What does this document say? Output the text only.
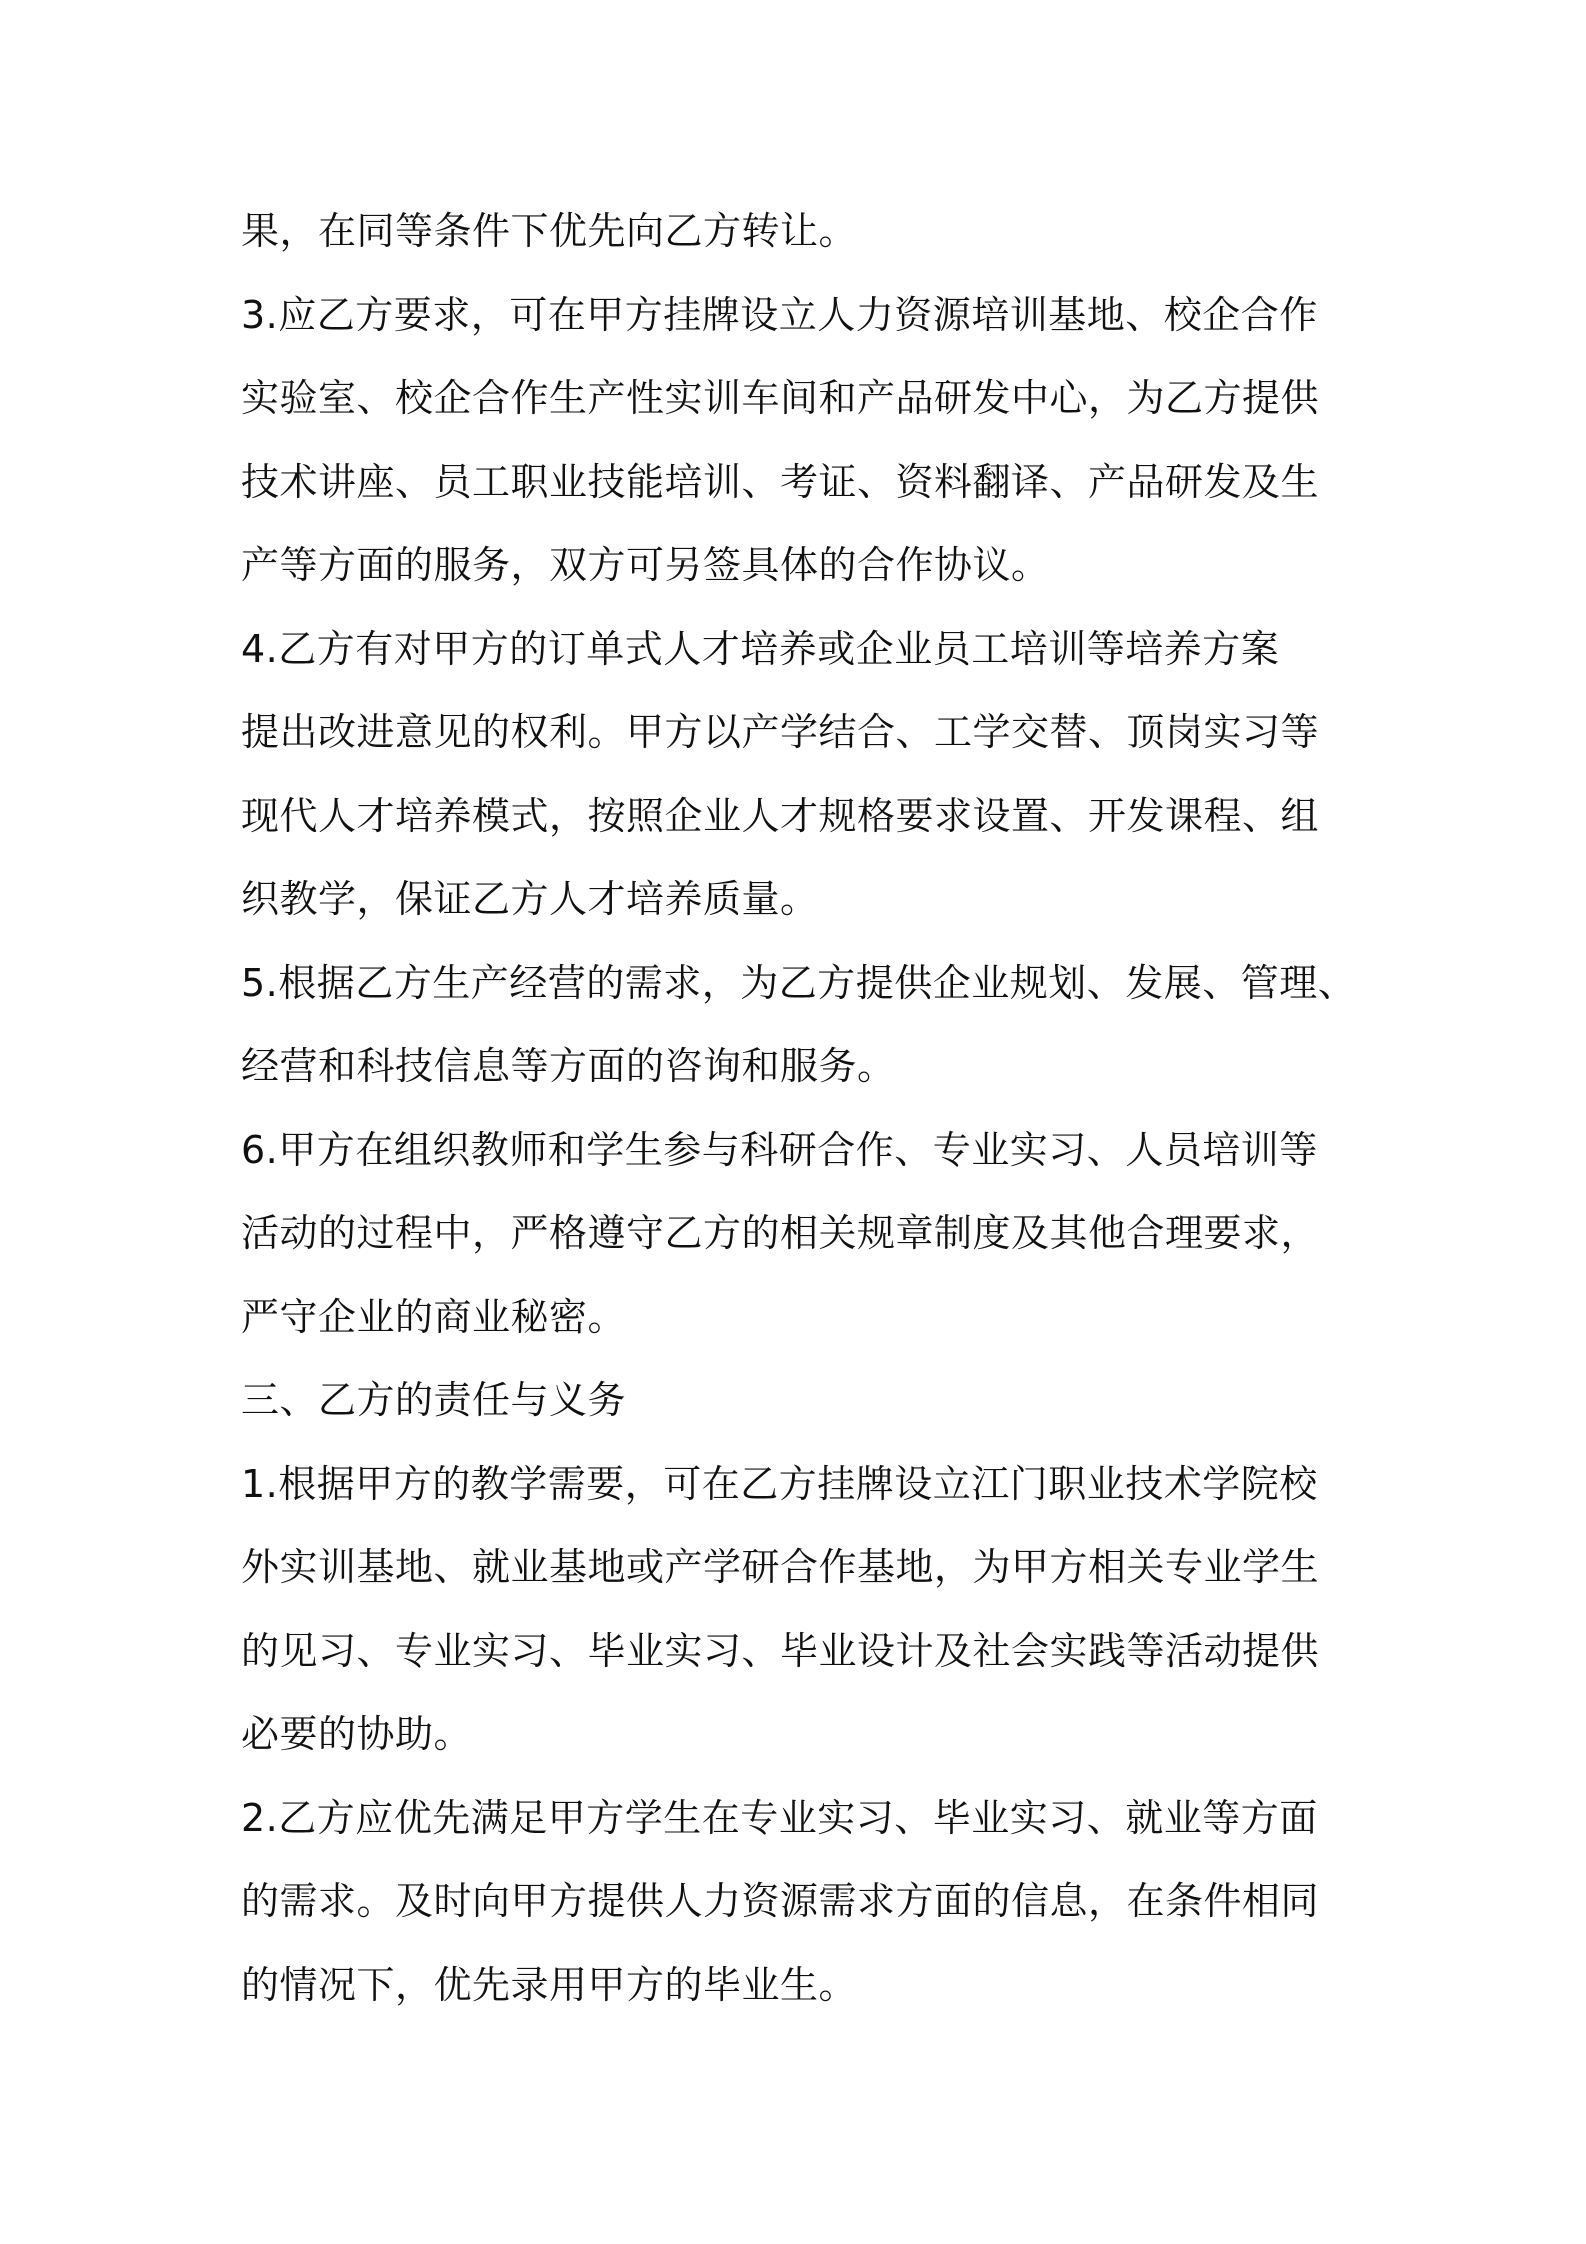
果，在同等条件下优先向乙方转让。
3.应乙方要求，可在甲方挂牌设立人力资源培训基地、校企合作
实验室、校企合作生产性实训车间和产品研发中心，为乙方提供
技术讲座、员工职业技能培训、考证、资料翻译、产品研发及生
产等方面的服务，双方可另签具体的合作协议。
4.乙方有对甲方的订单式人才培养或企业员工培训等培养方案
提出改进意见的权利。甲方以产学结合、工学交替、顶岗实习等
现代人才培养模式，按照企业人才规格要求设置、开发课程、组
织教学，保证乙方人才培养质量。
5.根据乙方生产经营的需求，为乙方提供企业规划、发展、管理、
经营和科技信息等方面的咨询和服务。
6.甲方在组织教师和学生参与科研合作、专业实习、人员培训等
活动的过程中，严格遵守乙方的相关规章制度及其他合理要求，
严守企业的商业秘密。
三、乙方的责任与义务
1.根据甲方的教学需要，可在乙方挂牌设立江门职业技术学院校
外实训基地、就业基地或产学研合作基地，为甲方相关专业学生
的见习、专业实习、毕业实习、毕业设计及社会实践等活动提供
必要的协助。
2.乙方应优先满足甲方学生在专业实习、毕业实习、就业等方面
的需求。及时向甲方提供人力资源需求方面的信息，在条件相同
的情况下，优先录用甲方的毕业生。
